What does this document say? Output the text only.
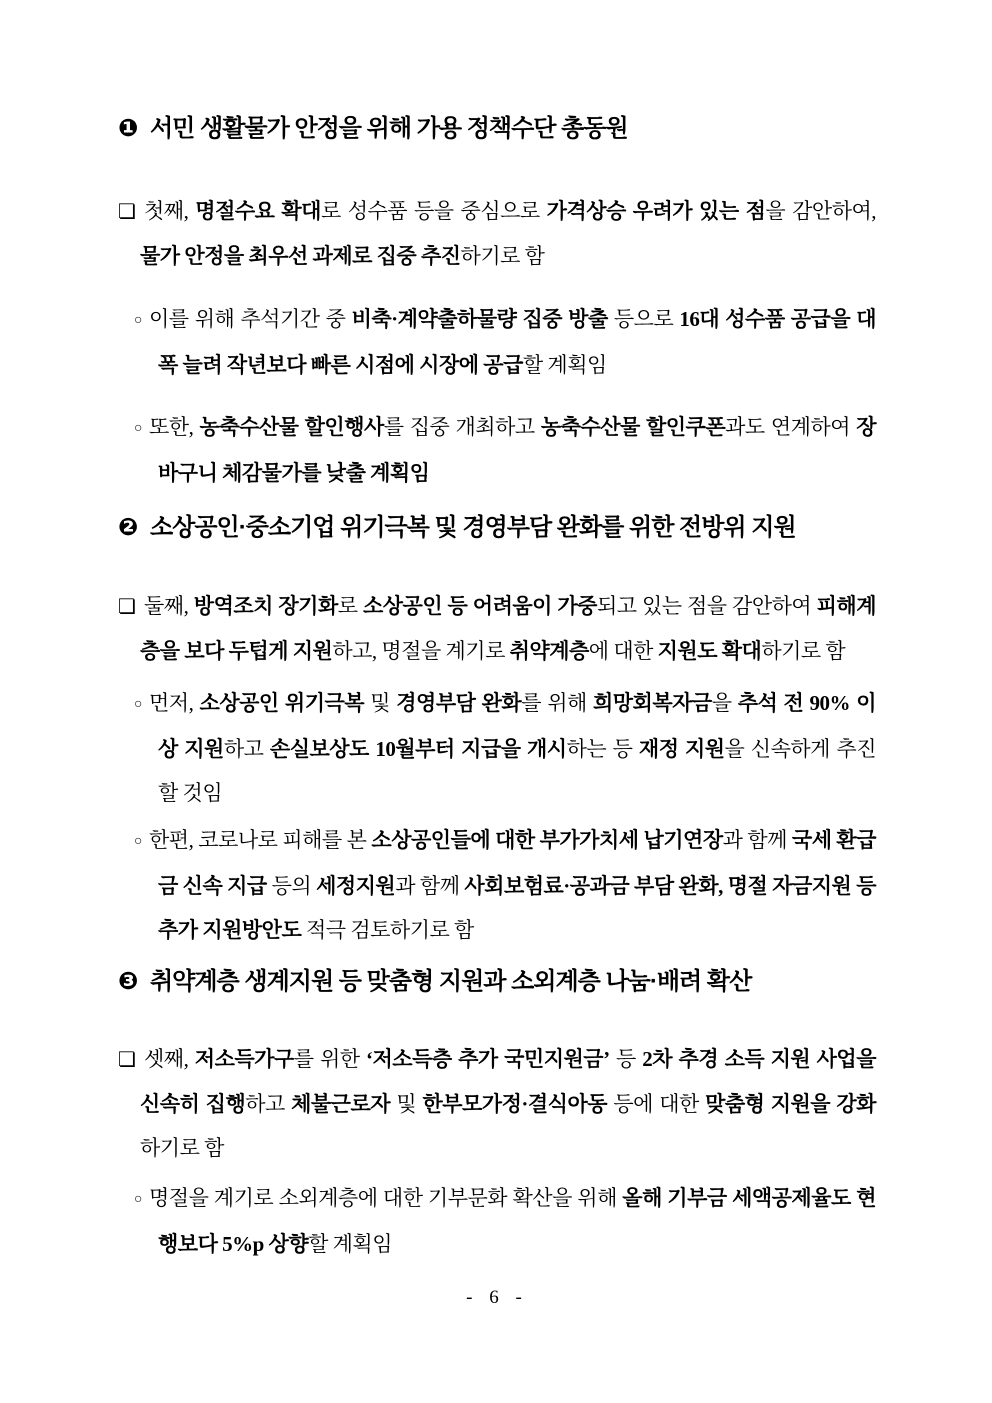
❶ 서민 생활물가 안정을 위해 가용 정책수단 총동원

❏ 첫째, 명절수요 확대로 성수품 등을 중심으로 가격상승 우려가 있는 점을 감안하여, 물가 안정을 최우선 과제로 집중 추진하기로 함

○ 이를 위해 추석기간 중 비축·계약출하물량 집중 방출 등으로 16대 성수품 공급을 대폭 늘려 작년보다 빠른 시점에 시장에 공급할 계획임

○ 또한, 농축수산물 할인행사를 집중 개최하고 농축수산물 할인쿠폰과도 연계하여 장바구니 체감물가를 낮출 계획임

❷ 소상공인·중소기업 위기극복 및 경영부담 완화를 위한 전방위 지원

❏ 둘째, 방역조치 장기화로 소상공인 등 어려움이 가중되고 있는 점을 감안하여 피해계층을 보다 두텁게 지원하고, 명절을 계기로 취약계층에 대한 지원도 확대하기로 함

○ 먼저, 소상공인 위기극복 및 경영부담 완화를 위해 희망회복자금을 추석 전 90% 이상 지원하고 손실보상도 10월부터 지급을 개시하는 등 재정 지원을 신속하게 추진할 것임

○ 한편, 코로나로 피해를 본 소상공인들에 대한 부가가치세 납기연장과 함께 국세 환급금 신속 지급 등의 세정지원과 함께 사회보험료·공과금 부담 완화, 명절 자금지원 등 추가 지원방안도 적극 검토하기로 함

❸ 취약계층 생계지원 등 맞춤형 지원과 소외계층 나눔·배려 확산

❏ 셋째, 저소득가구를 위한 ‘저소득층 추가 국민지원금’ 등 2차 추경 소득 지원 사업을 신속히 집행하고 체불근로자 및 한부모가정·결식아동 등에 대한 맞춤형 지원을 강화하기로 함

○ 명절을 계기로 소외계층에 대한 기부문화 확산을 위해 올해 기부금 세액공제율도 현행보다 5%p 상향할 계획임

- 6 -
